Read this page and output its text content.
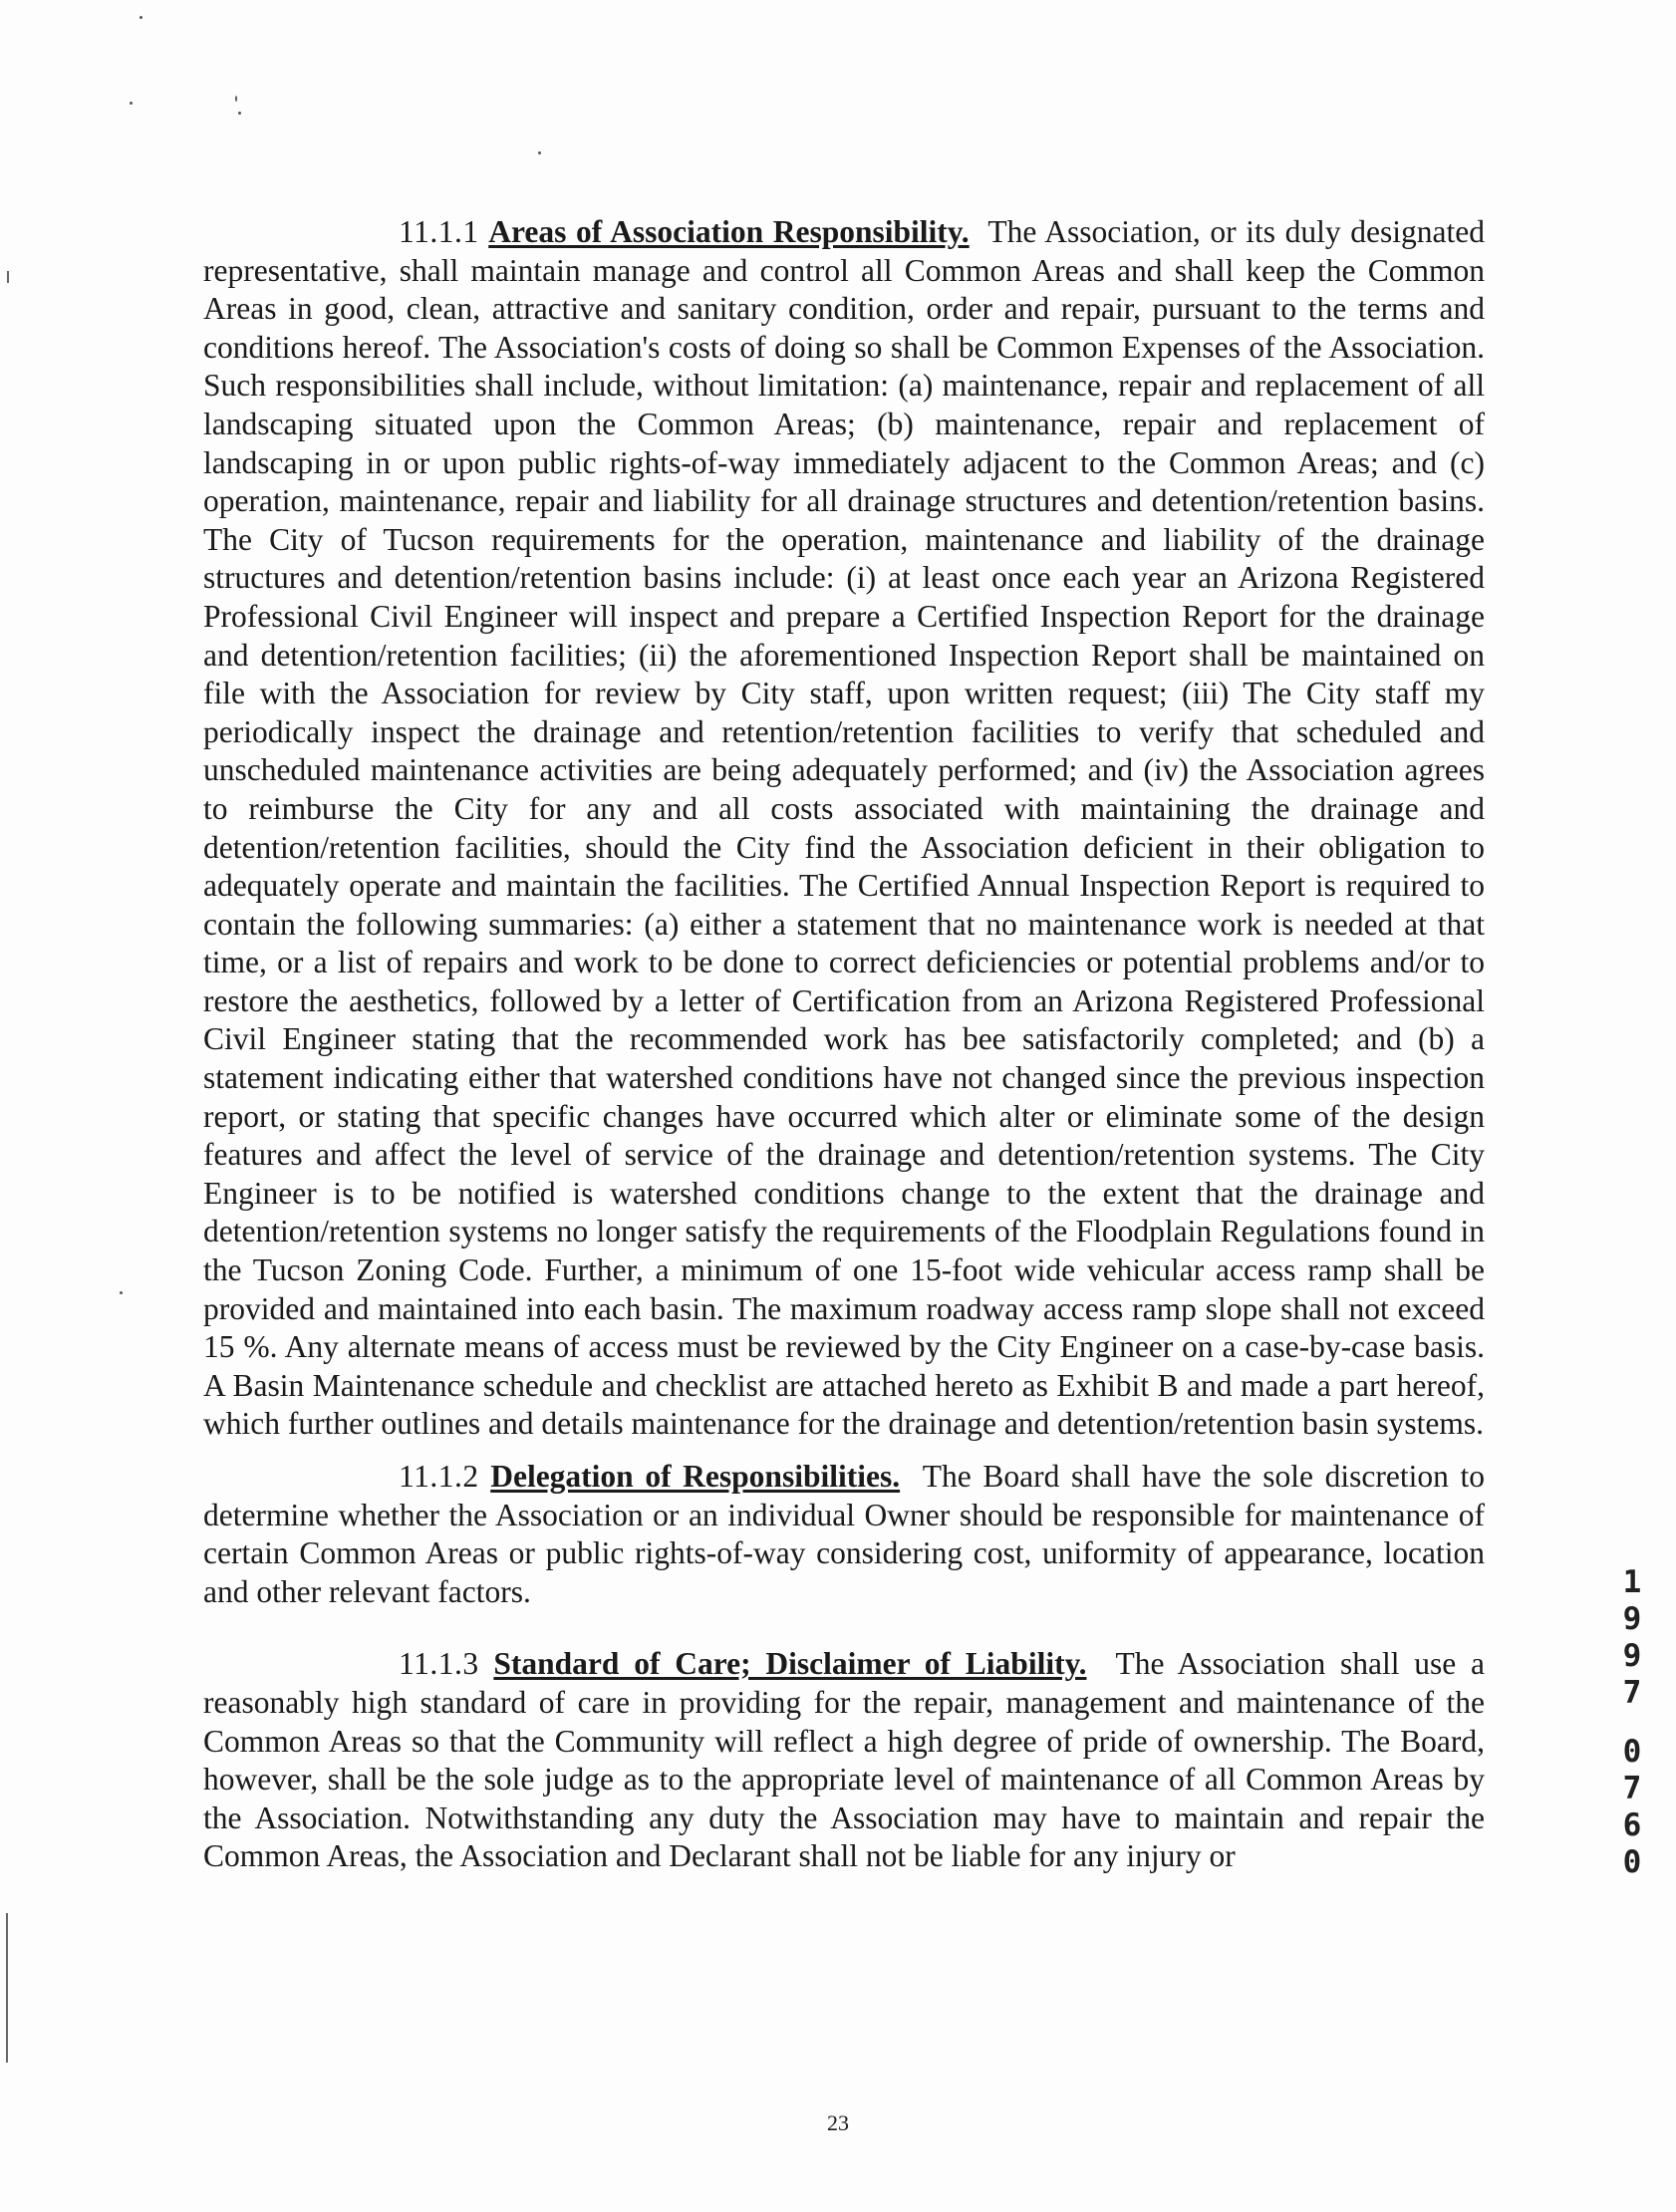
11.1.1 Areas of Association Responsibility. The Association, or its duly designated representative, shall maintain manage and control all Common Areas and shall keep the Common Areas in good, clean, attractive and sanitary condition, order and repair, pursuant to the terms and conditions hereof. The Association's costs of doing so shall be Common Expenses of the Association. Such responsibilities shall include, without limitation: (a) maintenance, repair and replacement of all landscaping situated upon the Common Areas; (b) maintenance, repair and replacement of landscaping in or upon public rights-of-way immediately adjacent to the Common Areas; and (c) operation, maintenance, repair and liability for all drainage structures and detention/retention basins. The City of Tucson requirements for the operation, maintenance and liability of the drainage structures and detention/retention basins include: (i) at least once each year an Arizona Registered Professional Civil Engineer will inspect and prepare a Certified Inspection Report for the drainage and detention/retention facilities; (ii) the aforementioned Inspection Report shall be maintained on file with the Association for review by City staff, upon written request; (iii) The City staff my periodically inspect the drainage and retention/retention facilities to verify that scheduled and unscheduled maintenance activities are being adequately performed; and (iv) the Association agrees to reimburse the City for any and all costs associated with maintaining the drainage and detention/retention facilities, should the City find the Association deficient in their obligation to adequately operate and maintain the facilities. The Certified Annual Inspection Report is required to contain the following summaries: (a) either a statement that no maintenance work is needed at that time, or a list of repairs and work to be done to correct deficiencies or potential problems and/or to restore the aesthetics, followed by a letter of Certification from an Arizona Registered Professional Civil Engineer stating that the recommended work has bee satisfactorily completed; and (b) a statement indicating either that watershed conditions have not changed since the previous inspection report, or stating that specific changes have occurred which alter or eliminate some of the design features and affect the level of service of the drainage and detention/retention systems. The City Engineer is to be notified is watershed conditions change to the extent that the drainage and detention/retention systems no longer satisfy the requirements of the Floodplain Regulations found in the Tucson Zoning Code. Further, a minimum of one 15-foot wide vehicular access ramp shall be provided and maintained into each basin. The maximum roadway access ramp slope shall not exceed 15 %. Any alternate means of access must be reviewed by the City Engineer on a case-by-case basis. A Basin Maintenance schedule and checklist are attached hereto as Exhibit B and made a part hereof, which further outlines and details maintenance for the drainage and detention/retention basin systems.

11.1.2 Delegation of Responsibilities. The Board shall have the sole discretion to determine whether the Association or an individual Owner should be responsible for maintenance of certain Common Areas or public rights-of-way considering cost, uniformity of appearance, location and other relevant factors.

11.1.3 Standard of Care; Disclaimer of Liability. The Association shall use a reasonably high standard of care in providing for the repair, management and maintenance of the Common Areas so that the Community will reflect a high degree of pride of ownership. The Board, however, shall be the sole judge as to the appropriate level of maintenance of all Common Areas by the Association. Notwithstanding any duty the Association may have to maintain and repair the Common Areas, the Association and Declarant shall not be liable for any injury or

1
9
9
7
0
7
6
0
23
